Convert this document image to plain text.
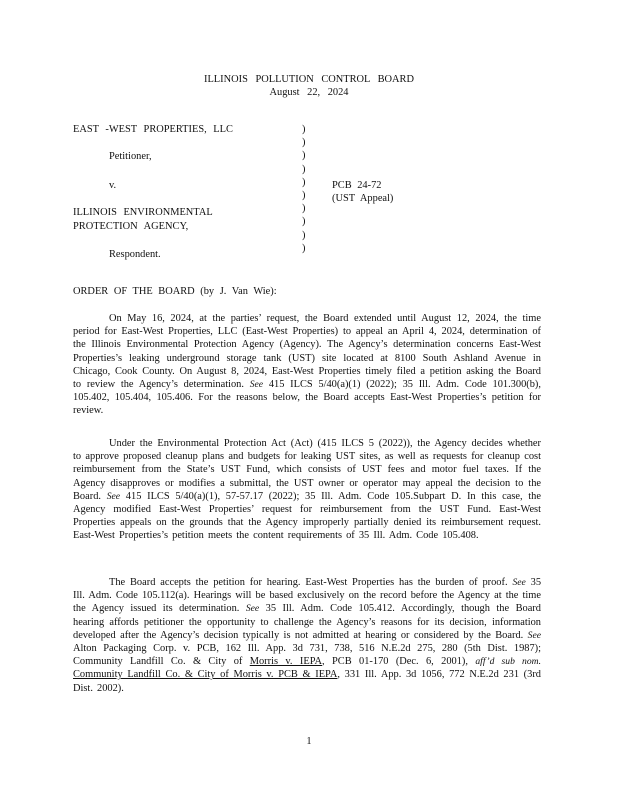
ILLINOIS POLLUTION CONTROL BOARD
August 22, 2024
EAST -WEST PROPERTIES, LLC
Petitioner,
v.
ILLINOIS ENVIRONMENTAL
PROTECTION AGENCY,
Respondent.
)
)
)
)
)
)
)
)
)
)
PCB 24-72
(UST Appeal)
ORDER OF THE BOARD (by J. Van Wie):
On May 16, 2024, at the parties’ request, the Board extended until August 12, 2024, the time period for East-West Properties, LLC (East-West Properties) to appeal an April 4, 2024, determination of the Illinois Environmental Protection Agency (Agency). The Agency’s determination concerns East-West Properties’s leaking underground storage tank (UST) site located at 8100 South Ashland Avenue in Chicago, Cook County. On August 8, 2024, East-West Properties timely filed a petition asking the Board to review the Agency’s determination. See 415 ILCS 5/40(a)(1) (2022); 35 Ill. Adm. Code 101.300(b), 105.402, 105.404, 105.406. For the reasons below, the Board accepts East-West Properties’s petition for review.
Under the Environmental Protection Act (Act) (415 ILCS 5 (2022)), the Agency decides whether to approve proposed cleanup plans and budgets for leaking UST sites, as well as requests for cleanup cost reimbursement from the State’s UST Fund, which consists of UST fees and motor fuel taxes. If the Agency disapproves or modifies a submittal, the UST owner or operator may appeal the decision to the Board. See 415 ILCS 5/40(a)(1), 57-57.17 (2022); 35 Ill. Adm. Code 105.Subpart D. In this case, the Agency modified East-West Properties’ request for reimbursement from the UST Fund. East-West Properties appeals on the grounds that the Agency improperly partially denied its reimbursement request. East-West Properties’s petition meets the content requirements of 35 Ill. Adm. Code 105.408.
The Board accepts the petition for hearing. East-West Properties has the burden of proof. See 35 Ill. Adm. Code 105.112(a). Hearings will be based exclusively on the record before the Agency at the time the Agency issued its determination. See 35 Ill. Adm. Code 105.412. Accordingly, though the Board hearing affords petitioner the opportunity to challenge the Agency’s reasons for its decision, information developed after the Agency’s decision typically is not admitted at hearing or considered by the Board. See Alton Packaging Corp. v. PCB, 162 Ill. App. 3d 731, 738, 516 N.E.2d 275, 280 (5th Dist. 1987); Community Landfill Co. & City of Morris v. IEPA, PCB 01-170 (Dec. 6, 2001), aff’d sub nom. Community Landfill Co. & City of Morris v. PCB & IEPA, 331 Ill. App. 3d 1056, 772 N.E.2d 231 (3rd Dist. 2002).
1
